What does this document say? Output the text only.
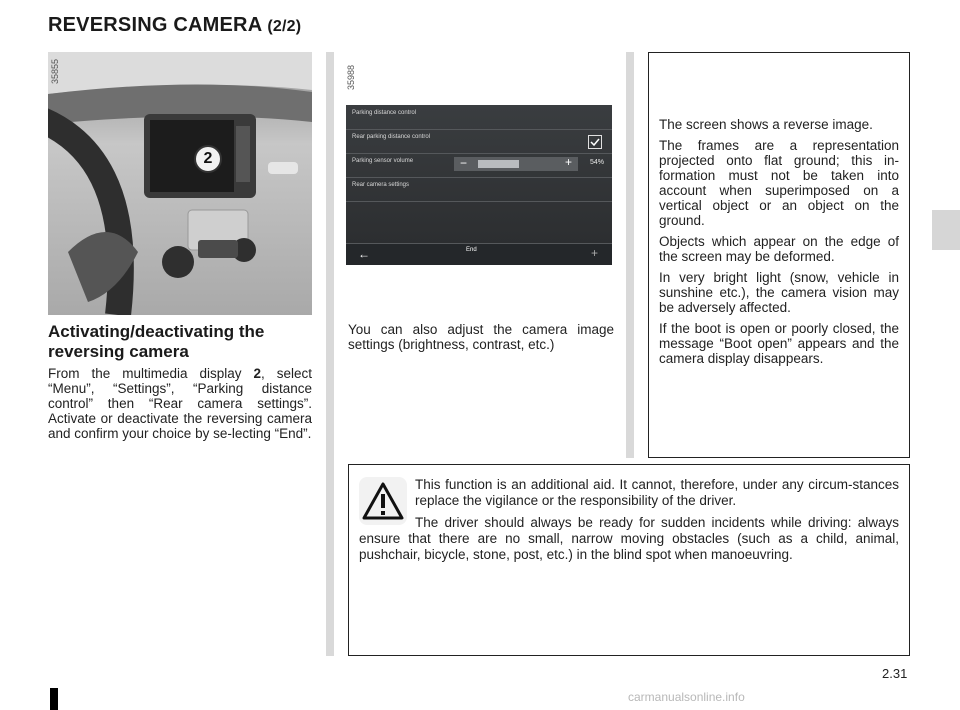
REVERSING CAMERA (2/2)
35855
2
35988
Parking distance control
Rear parking distance control
Parking sensor volume	−	+	54%
Rear camera settings
←	End	+
Activating/deactivating the reversing camera
From the multimedia display 2, select “Menu”, “Settings”, “Parking distance control” then “Rear camera settings”. Activate or deactivate the reversing camera and confirm your choice by se-lecting “End”.
You can also adjust the camera image settings (brightness, contrast, etc.)

The screen shows a reverse image.

The frames are a representation projected onto flat ground; this in-formation must not be taken into account when superimposed on a vertical object or an object on the ground.

Objects which appear on the edge of the screen may be deformed.

In very bright light (snow, vehicle in sunshine etc.), the camera vision may be adversely affected.

If the boot is open or poorly closed, the message “Boot open” appears and the camera display disappears.

This function is an additional aid. It cannot, therefore, under any circum-stances replace the vigilance or the responsibility of the driver.

The driver should always be ready for sudden incidents while driving: always ensure that there are no small, narrow moving obstacles (such as a child, animal, pushchair, bicycle, stone, post, etc.) in the blind spot when manoeuvring.

2.31
carmanualsonline.info
